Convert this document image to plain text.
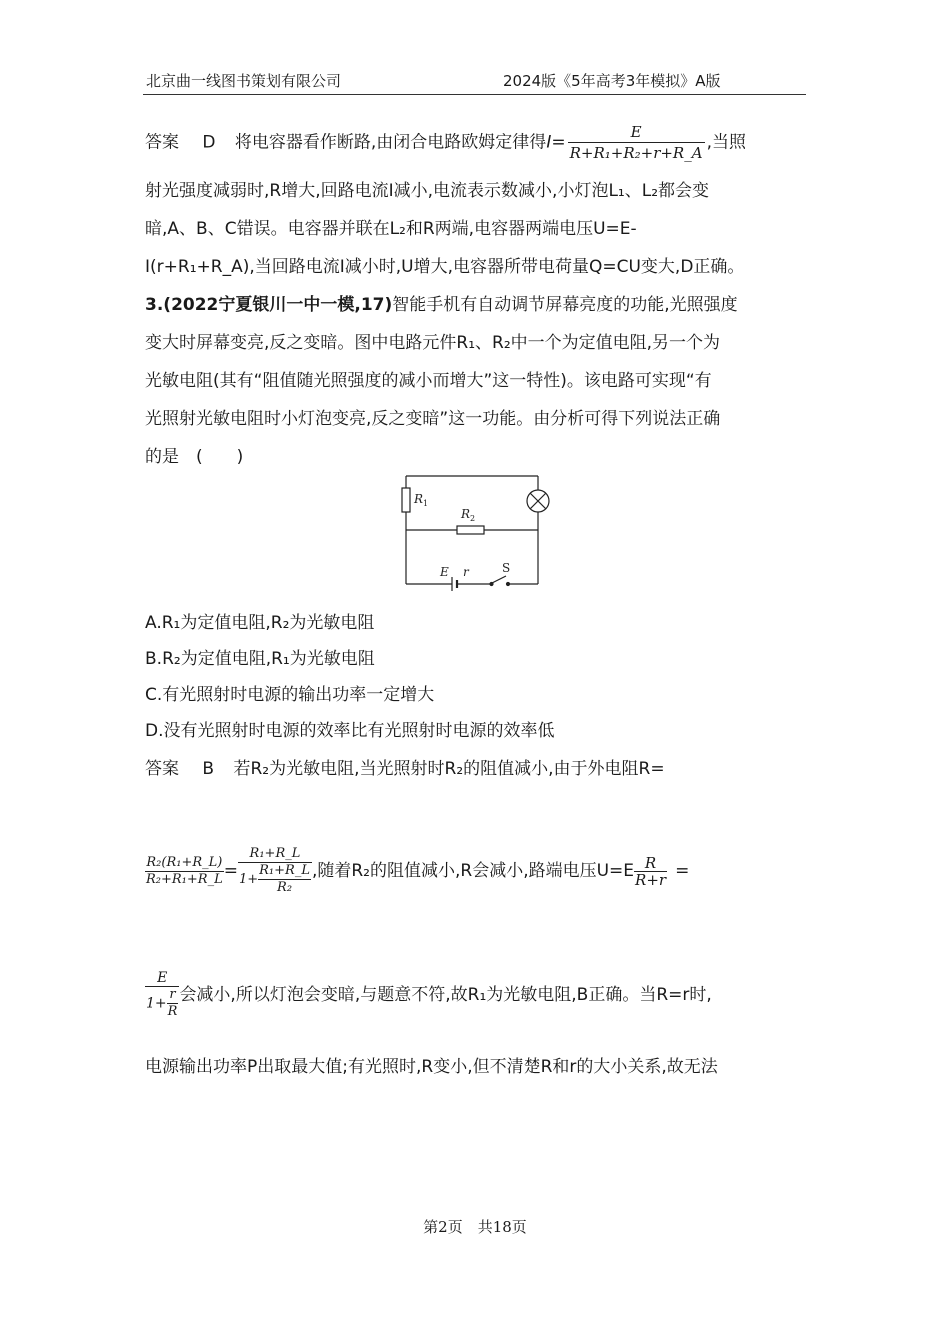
北京曲一线图书策划有限公司	2024版《5年高考3年模拟》A版
答案 D 将电容器看作断路,由闭合电路欧姆定律得$I= \frac{E}{\text{R+R₁+R₂+r+R\_A}}$ ,当照
射光强度减弱时,R增大,回路电流I减小,电流表示数减小,小灯泡L₁、L₂都会变
暗,A、B、C错误。电容器并联在L₂和R两端,电容器两端电压U=E-
I(r+R₁+R_A),当回路电流I减小时,U增大,电容器所带电荷量Q=CU变大,D正确。
3.(2022宁夏银川一中一模,17)智能手机有自动调节屏幕亮度的功能,光照强度
变大时屏幕变亮,反之变暗。图中电路元件R₁、R₂中一个为定值电阻,另一个为
光敏电阻(其有“阻值随光照强度的减小而增大”这一特性)。该电路可实现“有
光照射光敏电阻时小灯泡变亮,反之变暗”这一功能。由分析可得下列说法正确
的是　(　　)
$R_1$
$R_2$
E r	S
A.R₁为定值电阻,R₂为光敏电阻
B.R₂为定值电阻,R₁为光敏电阻
C.有光照射时电源的输出功率一定增大
D.没有光照射时电源的效率比有光照射时电源的效率低
答案 B 若R₂为光敏电阻,当光照射时R₂的阻值减小,由于外电阻R=
$\frac{\text{R₂(R₁+R\_L)}}{\text{R₂+R₁+R\_L}} = \frac{\text{R₁+R\_L}}{1+ \frac{\text{R₁+R\_L}}{\text{R₂}}}$ ,随着R₂的阻值减小,R会减小,路端电压$U=E \frac{R}{R+r}$ =
$\frac{E}{1+ \frac{r}{R}}$ 会减小,所以灯泡会变暗,与题意不符,故R₁为光敏电阻,B正确。当R=r时,
电源输出功率P出取最大值;有光照时,R变小,但不清楚R和r的大小关系,故无法
第2页　共18页
